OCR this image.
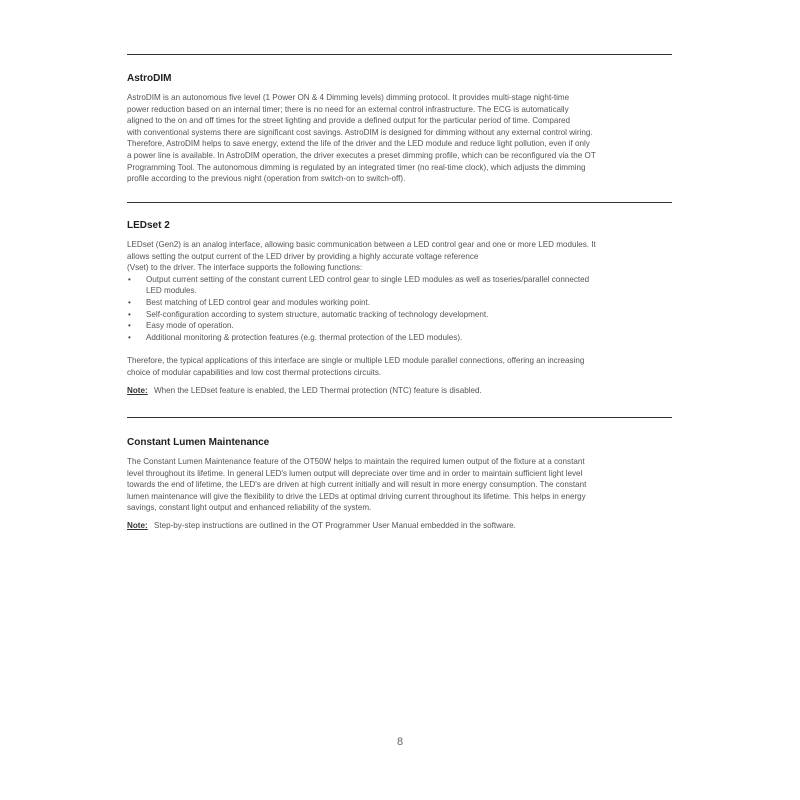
AstroDIM
AstroDIM is an autonomous five level (1 Power ON & 4 Dimming levels) dimming protocol. It provides multi-stage night-time
power reduction based on an internal timer; there is no need for an external control infrastructure. The ECG is automatically
aligned to the on and off times for the street lighting and provide a defined output for the particular period of time. Compared
with conventional systems there are significant cost savings. AstroDIM is designed for dimming without any external control wiring.
Therefore, AstroDIM helps to save energy, extend the life of the driver and the LED module and reduce light pollution, even if only
a power line is available. In AstroDIM operation, the driver executes a preset dimming profile, which can be reconfigured via the OT
Programming Tool. The autonomous dimming is regulated by an integrated timer (no real-time clock), which adjusts the dimming
profile according to the previous night (operation from switch-on to switch-off).
LEDset 2
LEDset (Gen2) is an analog interface, allowing basic communication between a LED control gear and one or more LED modules. It
allows setting the output current of the LED driver by providing a highly accurate voltage reference
(Vset) to the driver. The interface supports the following functions:
• Output current setting of the constant current LED control gear to single LED modules as well as toseries/parallel connected
LED modules.
• Best matching of LED control gear and modules working point.
• Self-configuration according to system structure, automatic tracking of technology development.
• Easy mode of operation.
• Additional monitoring & protection features (e.g. thermal protection of the LED modules).
Therefore, the typical applications of this interface are single or multiple LED module parallel connections, offering an increasing
choice of modular capabilities and low cost thermal protections circuits.
Note: When the LEDset feature is enabled, the LED Thermal protection (NTC) feature is disabled.
Constant Lumen Maintenance
The Constant Lumen Maintenance feature of the OT50W helps to maintain the required lumen output of the fixture at a constant
level throughout its lifetime. In general LED's lumen output will depreciate over time and in order to maintain sufficient light level
towards the end of lifetime, the LED's are driven at high current initially and will result in more energy consumption. The constant
lumen maintenance will give the flexibility to drive the LEDs at optimal driving current throughout its lifetime. This helps in energy
savings, constant light output and enhanced reliability of the system.
Note: Step-by-step instructions are outlined in the OT Programmer User Manual embedded in the software.
8
